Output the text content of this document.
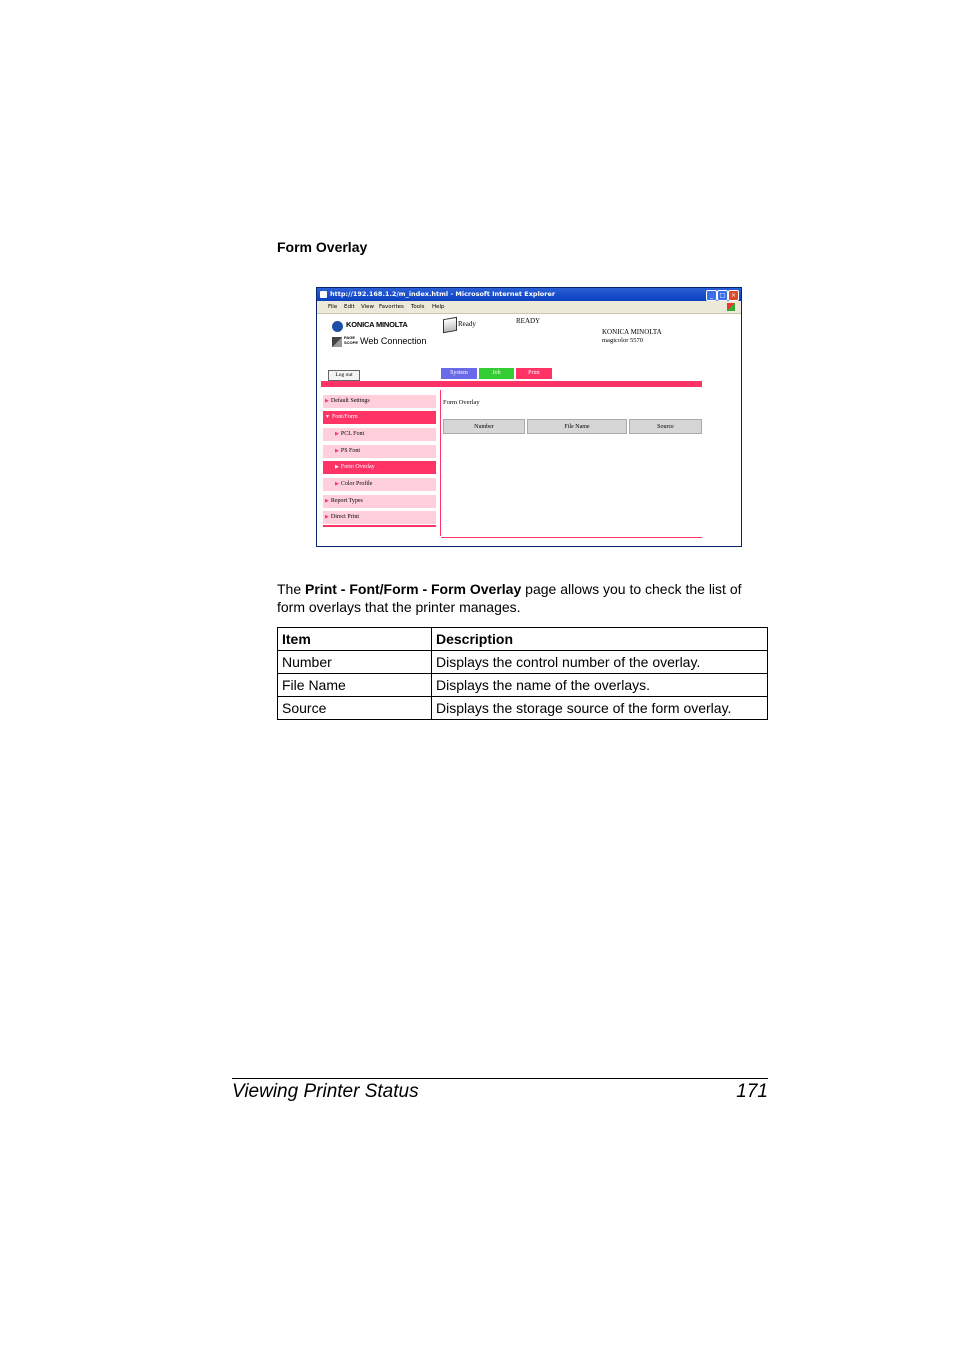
Form Overlay
http://192.168.1.2/m_index.html - Microsoft Internet Explorer	_	□ ×
File Edit View Favorites Tools Help
KONICA MINOLTA
PAGE
SCOPE Web Connection
Ready	READY
KONICA MINOLTA
magicolor 5570
Log out	System	Job	Print
▶ Default Settings
▼ Font/Form
▶ PCL Font
▶ PS Font
▶ Form Overlay
▶ Color Profile
▶ Report Types
▶ Direct Print
Form Overlay
Number	File Name	Source
The Print - Font/Form - Form Overlay page allows you to check the list of form overlays that the printer manages.
Item	Description
Number	Displays the control number of the overlay.
File Name	Displays the name of the overlays.
Source	Displays the storage source of the form overlay.
Viewing Printer Status	171
